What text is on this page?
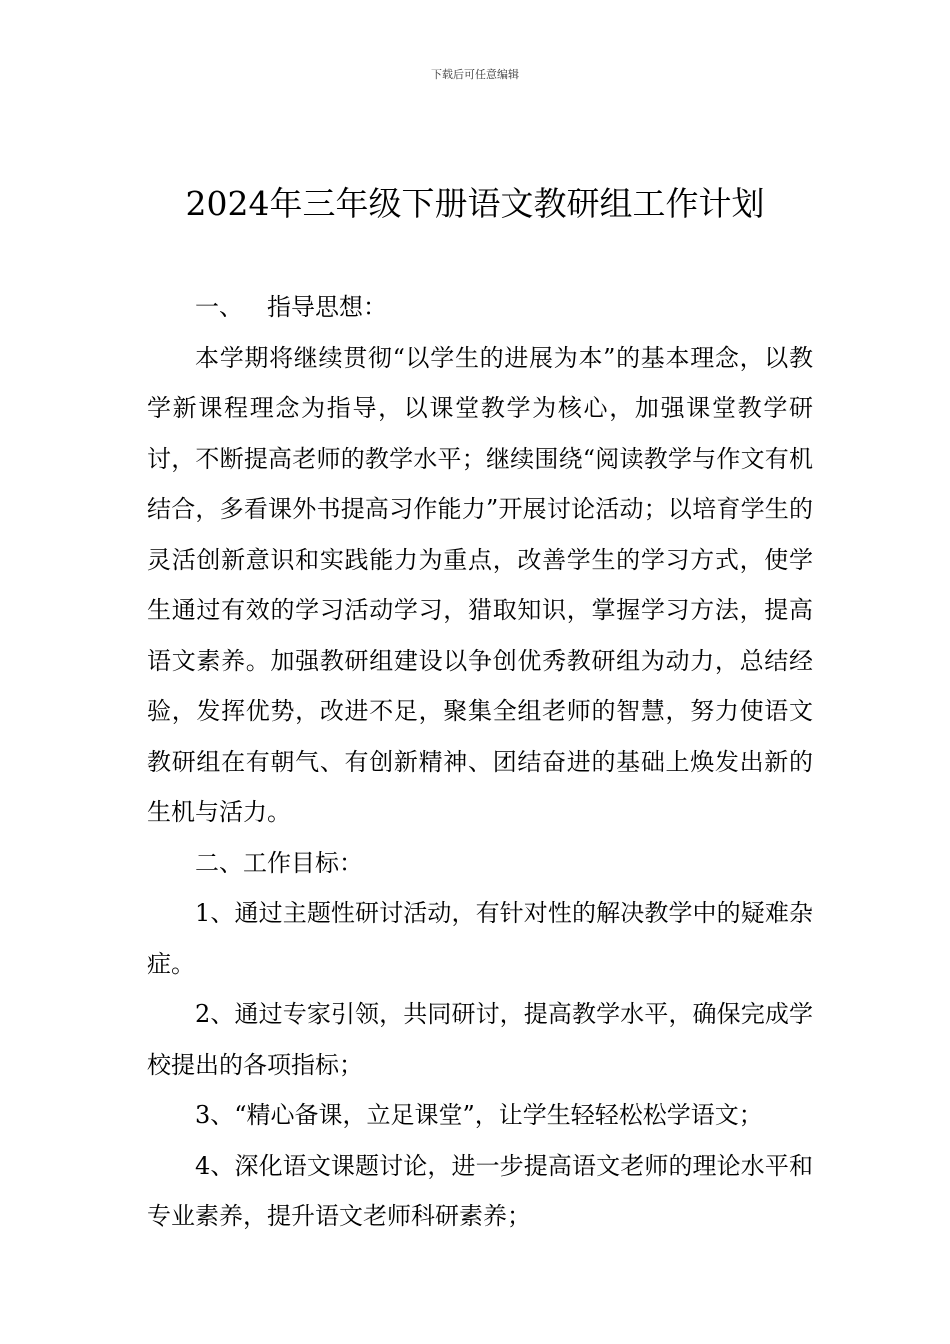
下载后可任意编辑
2024年三年级下册语文教研组工作计划

一、 指导思想：

本学期将继续贯彻“以学生的进展为本”的基本理念，以教学新课程理念为指导，以课堂教学为核心，加强课堂教学研讨，不断提高老师的教学水平；继续围绕“阅读教学与作文有机结合，多看课外书提高习作能力”开展讨论活动；以培育学生的灵活创新意识和实践能力为重点，改善学生的学习方式，使学生通过有效的学习活动学习，猎取知识，掌握学习方法，提高语文素养。加强教研组建设以争创优秀教研组为动力，总结经验，发挥优势，改进不足，聚集全组老师的智慧，努力使语文教研组在有朝气、有创新精神、团结奋进的基础上焕发出新的生机与活力。

二、工作目标：

1、通过主题性研讨活动，有针对性的解决教学中的疑难杂症。

2、通过专家引领，共同研讨，提高教学水平，确保完成学校提出的各项指标；

3、“精心备课，立足课堂”，让学生轻轻松松学语文；

4、深化语文课题讨论，进一步提高语文老师的理论水平和专业素养，提升语文老师科研素养；
